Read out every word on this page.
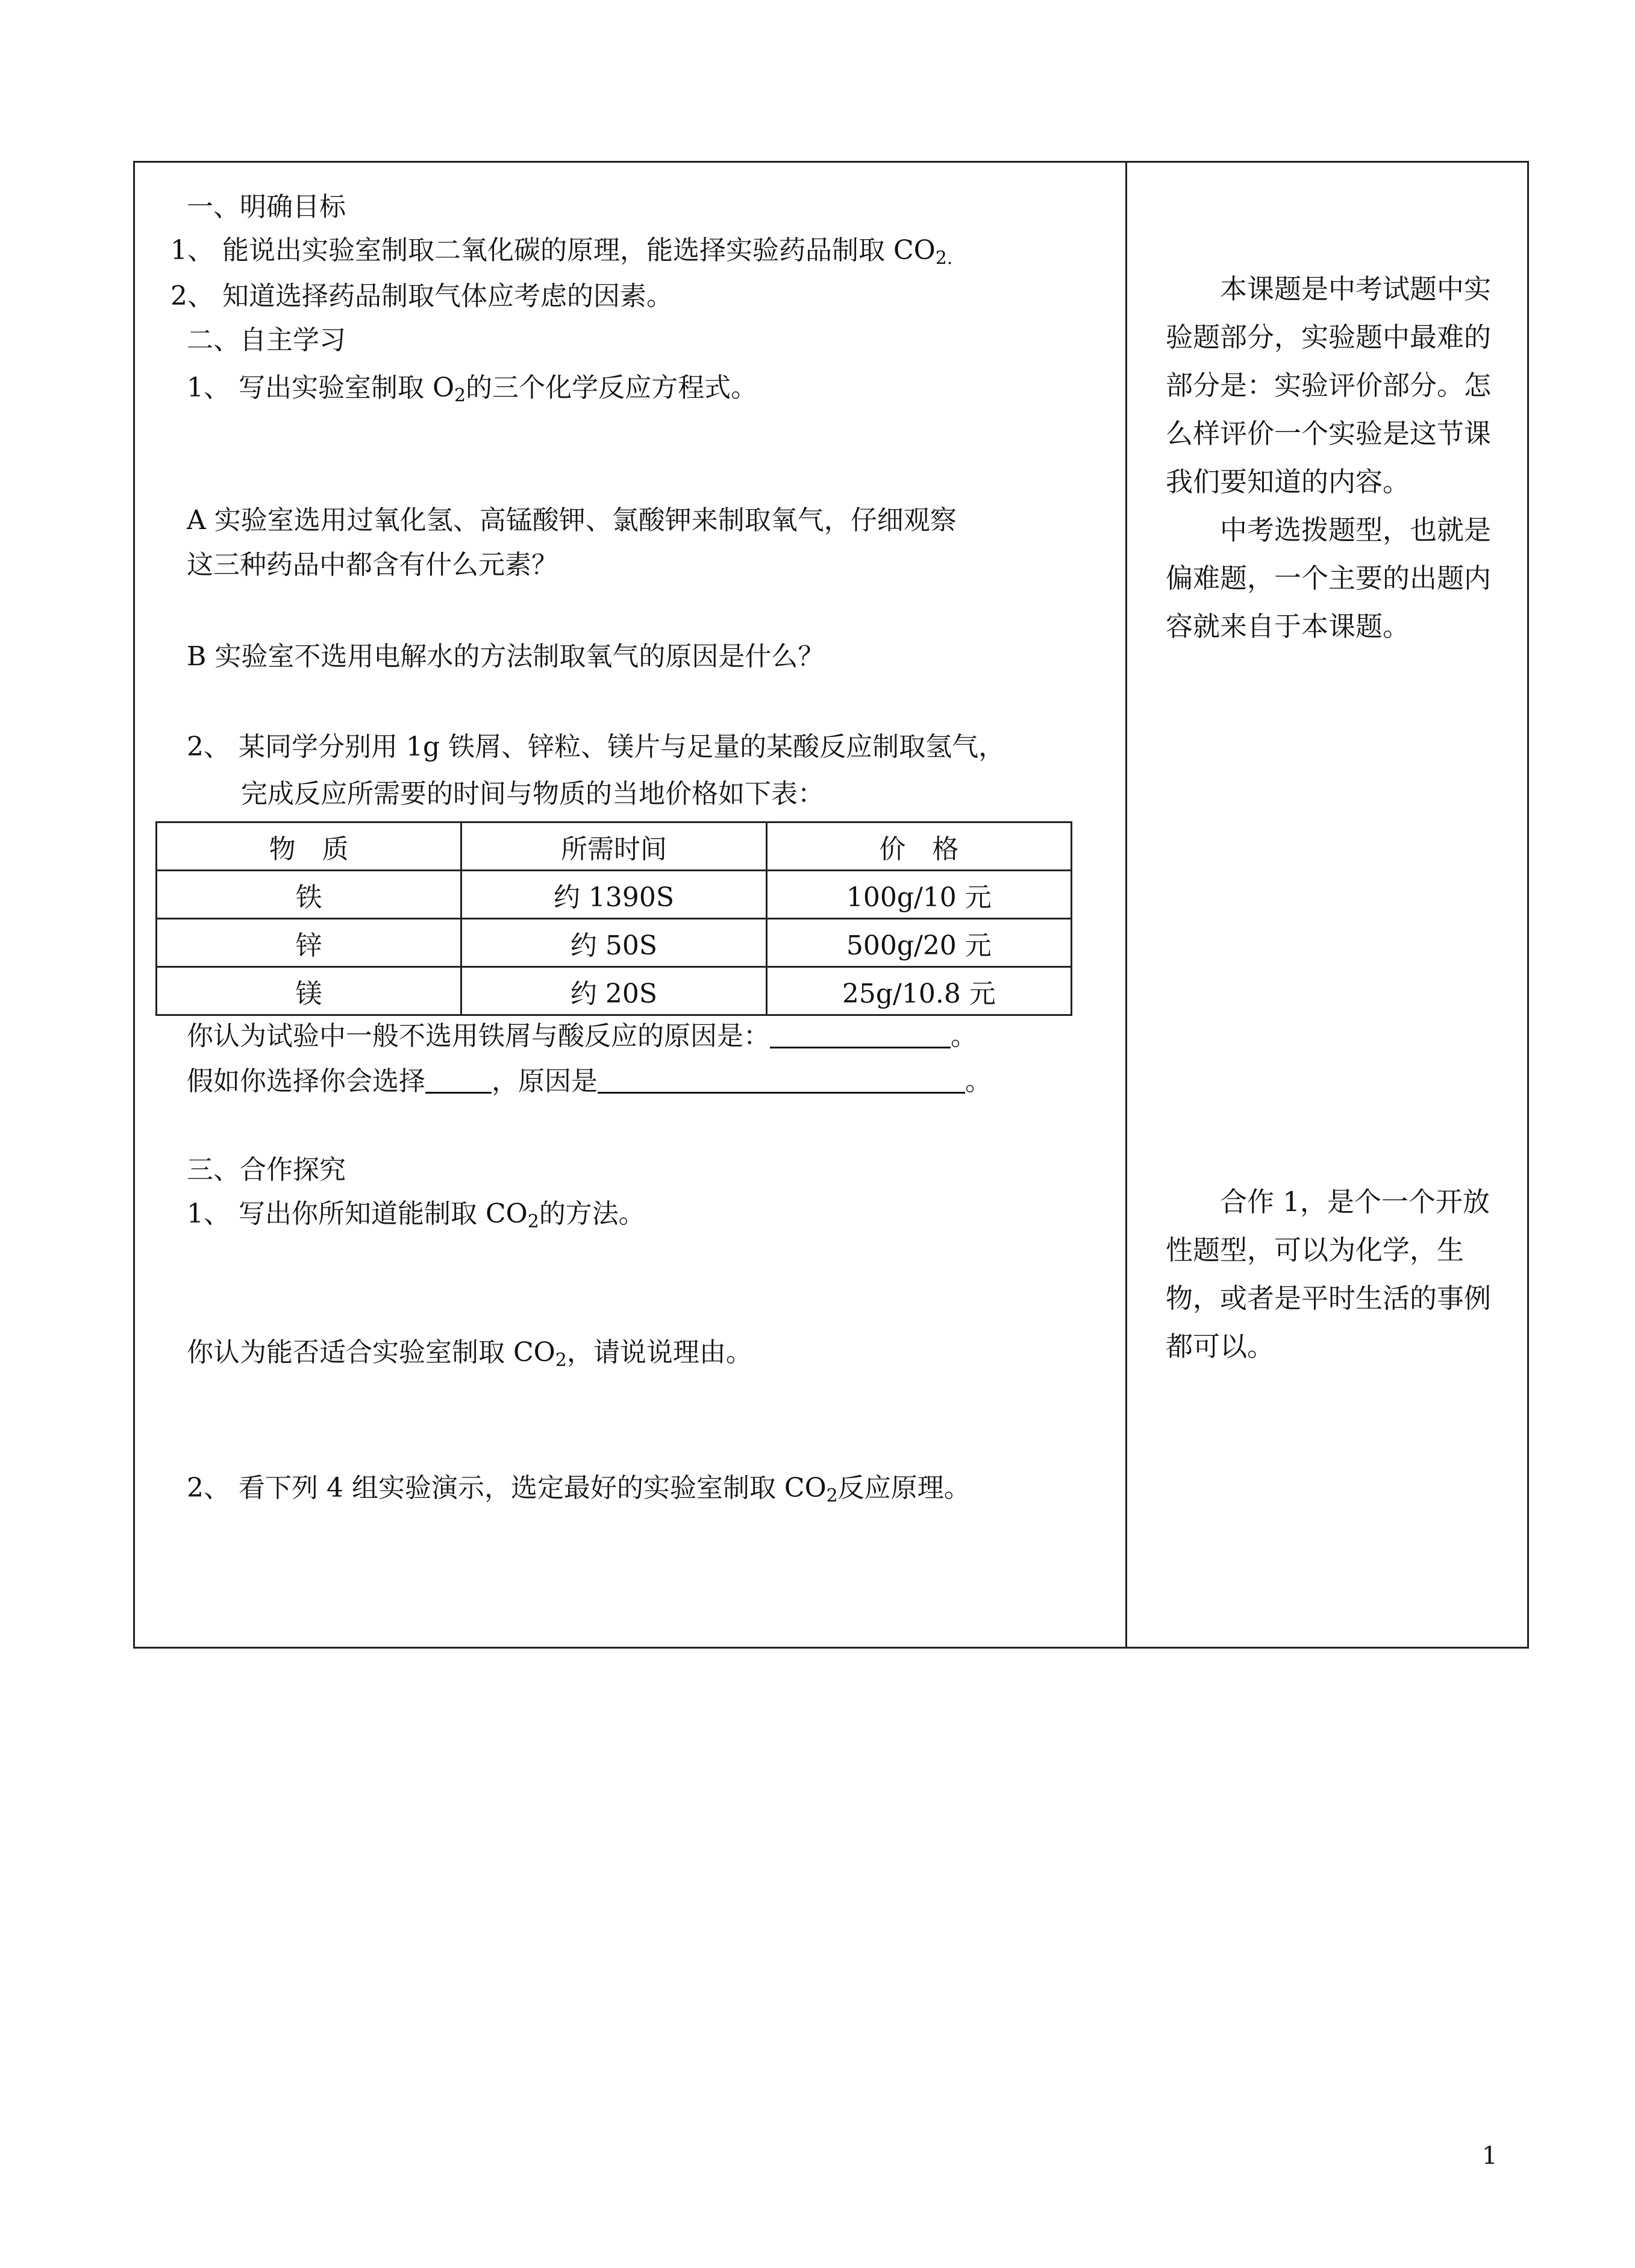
一、明确目标
1、 能说出实验室制取二氧化碳的原理，能选择实验药品制取 $CO_{2.}$
2、 知道选择药品制取气体应考虑的因素。
二、自主学习
1、 写出实验室制取 $O_2$的三个化学反应方程式。
A 实验室选用过氧化氢、高锰酸钾、氯酸钾来制取氧气，仔细观察
这三种药品中都含有什么元素？
B 实验室不选用电解水的方法制取氧气的原因是什么？
2、 某同学分别用 1g 铁屑、锌粒、镁片与足量的某酸反应制取氢气，
完成反应所需要的时间与物质的当地价格如下表：
物　质	所需时间	价　格
铁	约 1390S	100g/10 元
锌	约 50S	500g/20 元
镁	约 20S	25g/10.8 元
你认为试验中一般不选用铁屑与酸反应的原因是：	。
假如你选择你会选择	，原因是	。
三、合作探究
1、 写出你所知道能制取 $CO_2$的方法。
你认为能否适合实验室制取 $CO_2$，请说说理由。
2、 看下列 4 组实验演示，选定最好的实验室制取 $CO_2$反应原理。

本课题是中考试题中实验题部分，实验题中最难的部分是：实验评价部分。怎么样评价一个实验是这节课我们要知道的内容。

中考选拨题型，也就是偏难题，一个主要的出题内容就来自于本课题。

合作 1，是个一个开放性题型，可以为化学，生物，或者是平时生活的事例都可以。

1
